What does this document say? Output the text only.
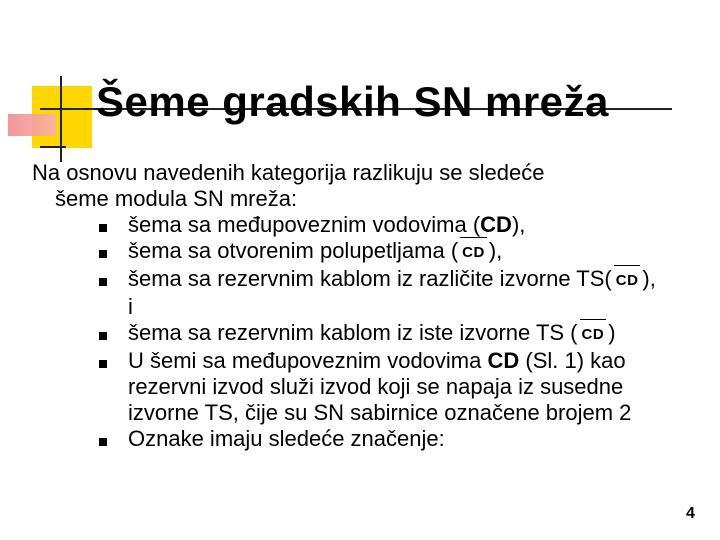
Šeme gradskih SN mreža
Na osnovu navedenih kategorija razlikuju se sledeće
šeme modula SN mreža:
šema sa međupoveznim vodovima (CD),
šema sa otvorenim polupetljama ( CD ),
šema sa rezervnim kablom iz različite izvorne TS( CD ),
i
šema sa rezervnim kablom iz iste izvorne TS ( CD )
U šemi sa međupoveznim vodovima CD (Sl. 1) kao
rezervni izvod služi izvod koji se napaja iz susedne
izvorne TS, čije su SN sabirnice označene brojem 2
Oznake imaju sledeće značenje:
4
